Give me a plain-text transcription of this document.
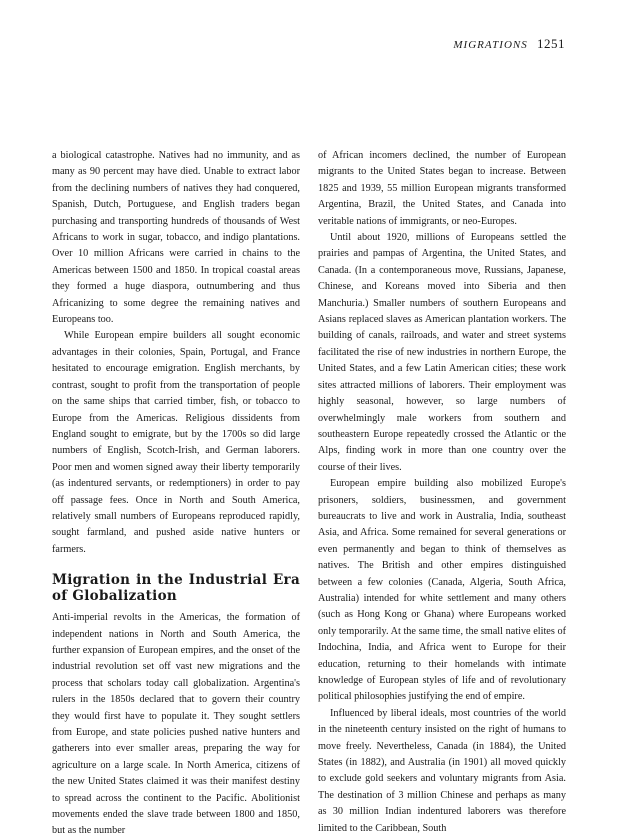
MIGRATIONS 1251

a biological catastrophe. Natives had no immunity, and as many as 90 percent may have died. Unable to extract labor from the declining numbers of natives they had conquered, Spanish, Dutch, Portuguese, and English traders began purchasing and transporting hundreds of thousands of West Africans to work in sugar, tobacco, and indigo plantations. Over 10 million Africans were carried in chains to the Americas between 1500 and 1850. In tropical coastal areas they formed a huge diaspora, outnumbering and thus Africanizing to some degree the remaining natives and Europeans too.

While European empire builders all sought economic advantages in their colonies, Spain, Portugal, and France hesitated to encourage emigration. English merchants, by contrast, sought to profit from the transportation of people on the same ships that carried timber, fish, or tobacco to Europe from the Americas. Religious dissidents from England sought to emigrate, but by the 1700s so did large numbers of English, Scotch-Irish, and German laborers. Poor men and women signed away their liberty temporarily (as indentured servants, or redemptioners) in order to pay off passage fees. Once in North and South America, relatively small numbers of Europeans reproduced rapidly, sought farmland, and pushed aside native hunters or farmers.

Migration in the Industrial Era of Globalization

Anti-imperial revolts in the Americas, the formation of independent nations in North and South America, the further expansion of European empires, and the onset of the industrial revolution set off vast new migrations and the process that scholars today call globalization. Argentina's rulers in the 1850s declared that to govern their country they would first have to populate it. They sought settlers from Europe, and state policies pushed native hunters and gatherers into ever smaller areas, preparing the way for agriculture on a large scale. In North America, citizens of the new United States claimed it was their manifest destiny to spread across the continent to the Pacific. Abolitionist movements ended the slave trade between 1800 and 1850, but as the number

of African incomers declined, the number of European migrants to the United States began to increase. Between 1825 and 1939, 55 million European migrants transformed Argentina, Brazil, the United States, and Canada into veritable nations of immigrants, or neo-Europes.

Until about 1920, millions of Europeans settled the prairies and pampas of Argentina, the United States, and Canada. (In a contemporaneous move, Russians, Japanese, Chinese, and Koreans moved into Siberia and then Manchuria.) Smaller numbers of southern Europeans and Asians replaced slaves as American plantation workers. The building of canals, railroads, and water and street systems facilitated the rise of new industries in northern Europe, the United States, and a few Latin American cities; these work sites attracted millions of laborers. Their employment was highly seasonal, however, so large numbers of overwhelmingly male workers from southern and southeastern Europe repeatedly crossed the Atlantic or the Alps, finding work in more than one country over the course of their lives.

European empire building also mobilized Europe's prisoners, soldiers, businessmen, and government bureaucrats to live and work in Australia, India, southeast Asia, and Africa. Some remained for several generations or even permanently and began to think of themselves as natives. The British and other empires distinguished between a few colonies (Canada, Algeria, South Africa, Australia) intended for white settlement and many others (such as Hong Kong or Ghana) where Europeans worked only temporarily. At the same time, the small native elites of Indochina, India, and Africa went to Europe for their education, returning to their homelands with intimate knowledge of European styles of life and of revolutionary political philosophies justifying the end of empire.

Influenced by liberal ideals, most countries of the world in the nineteenth century insisted on the right of humans to move freely. Nevertheless, Canada (in 1884), the United States (in 1882), and Australia (in 1901) all moved quickly to exclude gold seekers and voluntary migrants from Asia. The destination of 3 million Chinese and perhaps as many as 30 million Indian indentured laborers was therefore limited to the Caribbean, South
